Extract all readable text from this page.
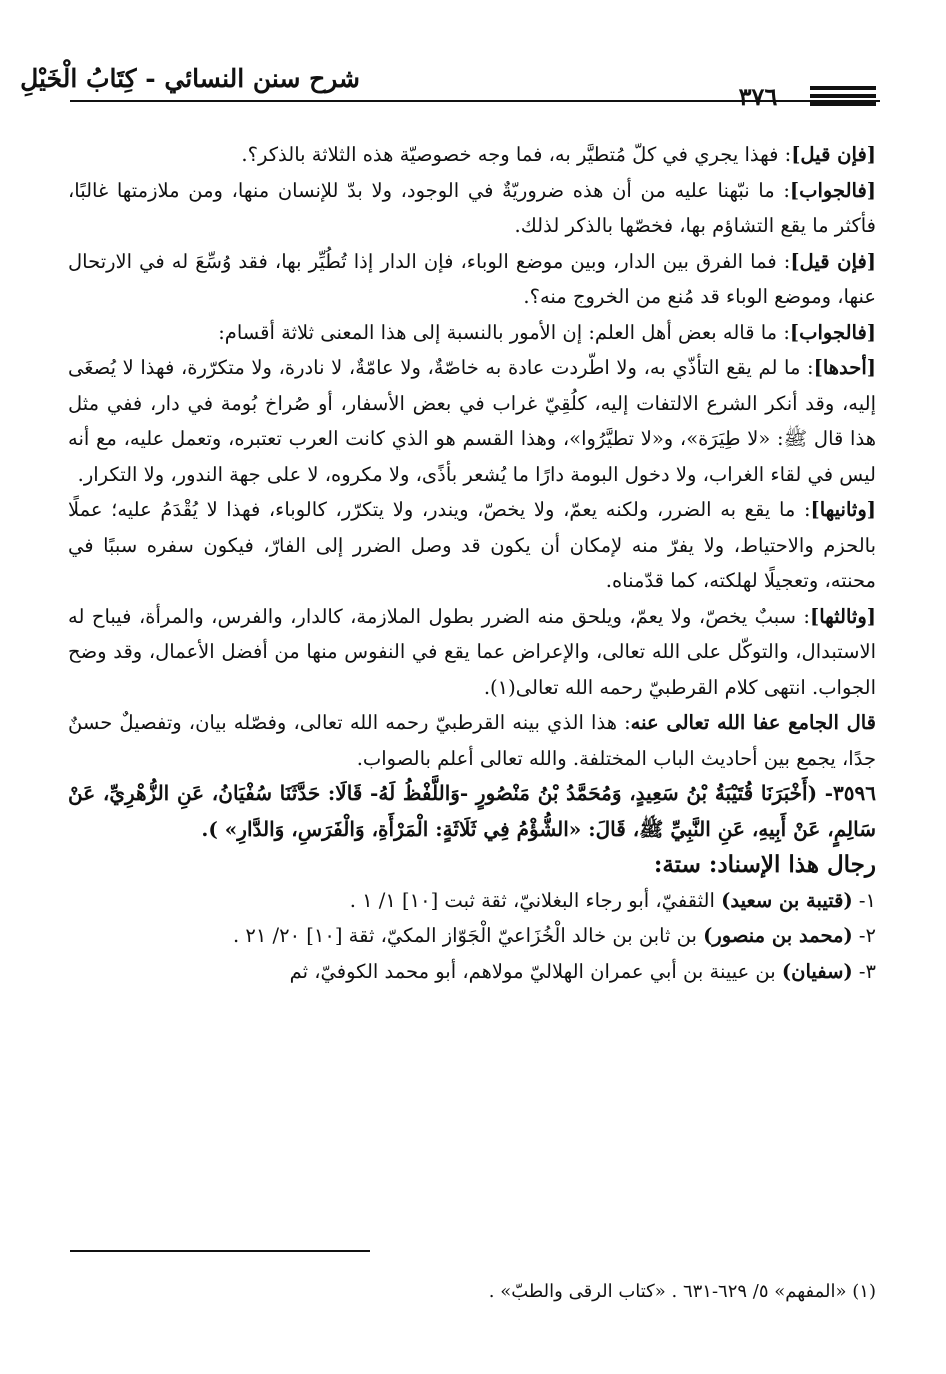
شرح سنن النسائي - كِتَابُ الْخَيْلِ
٣٧٦

[فإن قيل]: فهذا يجري في كلّ مُتطيَّر به، فما وجه خصوصيّة هذه الثلاثة بالذكر؟.

[فالجواب]: ما نبّهنا عليه من أن هذه ضروريّةٌ في الوجود، ولا بدّ للإنسان منها، ومن ملازمتها غالبًا، فأكثر ما يقع التشاؤم بها، فخصّها بالذكر لذلك.

[فإن قيل]: فما الفرق بين الدار، وبين موضع الوباء، فإن الدار إذا تُطُيِّر بها، فقد وُسِّعَ له في الارتحال عنها، وموضع الوباء قد مُنع من الخروج منه؟.

[فالجواب]: ما قاله بعض أهل العلم: إن الأمور بالنسبة إلى هذا المعنى ثلاثة أقسام:

[أحدها]: ما لم يقع التأذّي به، ولا اطّردت عادة به خاصّةٌ، ولا عامّةٌ، لا نادرة، ولا متكرّرة، فهذا لا يُصغَى إليه، وقد أنكر الشرع الالتفات إليه، كلُقِيّ غراب في بعض الأسفار، أو صُراخ بُومة في دار، ففي مثل هذا قال ﷺ: «لا طِيَرَة»، و«لا تطيَّرُوا»، وهذا القسم هو الذي كانت العرب تعتبره، وتعمل عليه، مع أنه ليس في لقاء الغراب، ولا دخول البومة دارًا ما يُشعر بأذًى، ولا مكروه، لا على جهة الندور، ولا التكرار.

[وثانيها]: ما يقع به الضرر، ولكنه يعمّ، ولا يخصّ، ويندر، ولا يتكرّر، كالوباء، فهذا لا يُقْدَمُ عليه؛ عملًا بالحزم والاحتياط، ولا يفرّ منه لإمكان أن يكون قد وصل الضرر إلى الفارّ، فيكون سفره سببًا في محنته، وتعجيلًا لهلكته، كما قدّمناه.

[وثالثها]: سببٌ يخصّ، ولا يعمّ، ويلحق منه الضرر بطول الملازمة، كالدار، والفرس، والمرأة، فيباح له الاستبدال، والتوكّل على الله تعالى، والإعراض عما يقع في النفوس منها من أفضل الأعمال، وقد وضح الجواب. انتهى كلام القرطبيّ رحمه الله تعالى(١).

قال الجامع عفا الله تعالى عنه: هذا الذي بينه القرطبيّ رحمه الله تعالى، وفصّله بيان، وتفصيلٌ حسنٌ جدًا، يجمع بين أحاديث الباب المختلفة. والله تعالى أعلم بالصواب.

٣٥٩٦- (أَخْبَرَنَا قُتَيْبَةُ بْنُ سَعِيدٍ، وَمُحَمَّدُ بْنُ مَنْصُورٍ -وَاللَّفْظُ لَهُ- قَالَا: حَدَّثَنَا سُفْيَانُ، عَنِ الزُّهْرِيِّ، عَنْ سَالِمٍ، عَنْ أَبِيهِ، عَنِ النَّبِيِّ ﷺ، قَالَ: «الشُّؤْمُ فِي ثَلَاثَةٍ: الْمَرْأَةِ، وَالْفَرَسِ، وَالدَّارِ» ).

رجال هذا الإسناد: ستة:

١- (قتيبة بن سعيد) الثقفيّ، أبو رجاء البغلانيّ، ثقة ثبت [١٠] ١/ ١ .

٢- (محمد بن منصور) بن ثابن بن خالد الْخُزَاعيّ الْجَوّاز المكيّ، ثقة [١٠] ٢٠/ ٢١ .

٣- (سفيان) بن عيينة بن أبي عمران الهلاليّ مولاهم، أبو محمد الكوفيّ، ثم

(١) «المفهم» ٥/ ٦٢٩-٦٣١ . «كتاب الرقى والطبّ» .
